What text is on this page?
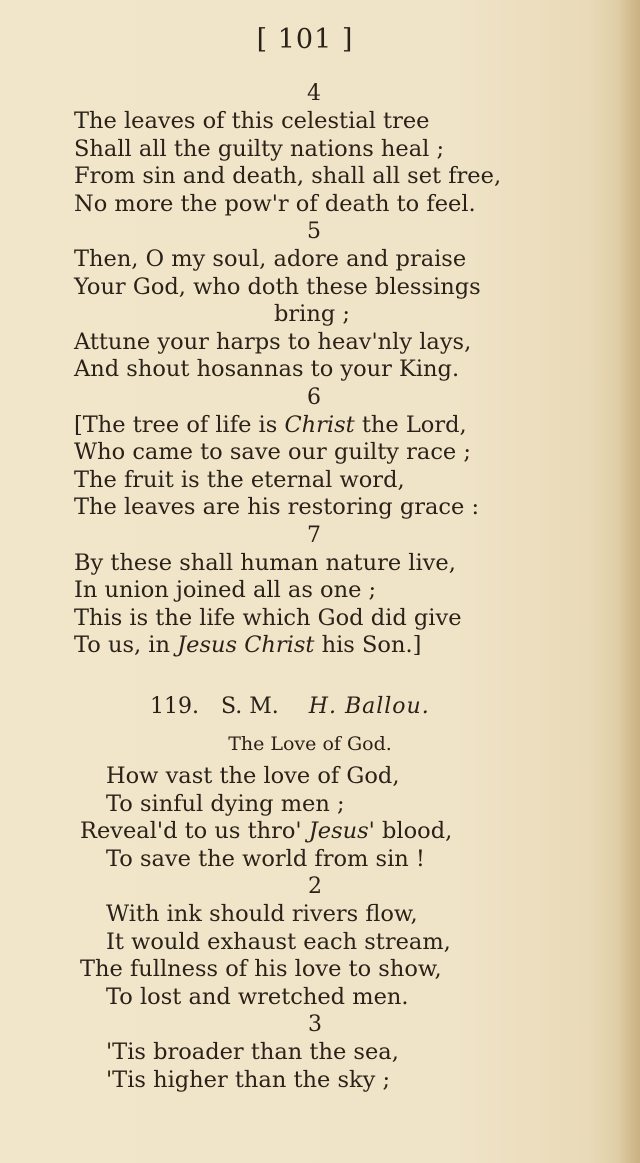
[ 101 ]
4
The leaves of this celestial tree
Shall all the guilty nations heal ;
From sin and death, shall all set free,
No more the pow'r of death to feel.
5
Then, O my soul, adore and praise
Your God, who doth these blessings
bring ;
Attune your harps to heav'nly lays,
And shout hosannas to your King.
6
[The tree of life is Christ the Lord,
Who came to save our guilty race ;
The fruit is the eternal word,
The leaves are his restoring grace :
7
By these shall human nature live,
In union joined all as one ;
This is the life which God did give
To us, in Jesus Christ his Son.]
119. S. M. H. Ballou.
The Love of God.
How vast the love of God,
To sinful dying men ;
Reveal'd to us thro' Jesus' blood,
To save the world from sin !
2
With ink should rivers flow,
It would exhaust each stream,
The fullness of his love to show,
To lost and wretched men.
3
'Tis broader than the sea,
'Tis higher than the sky ;
